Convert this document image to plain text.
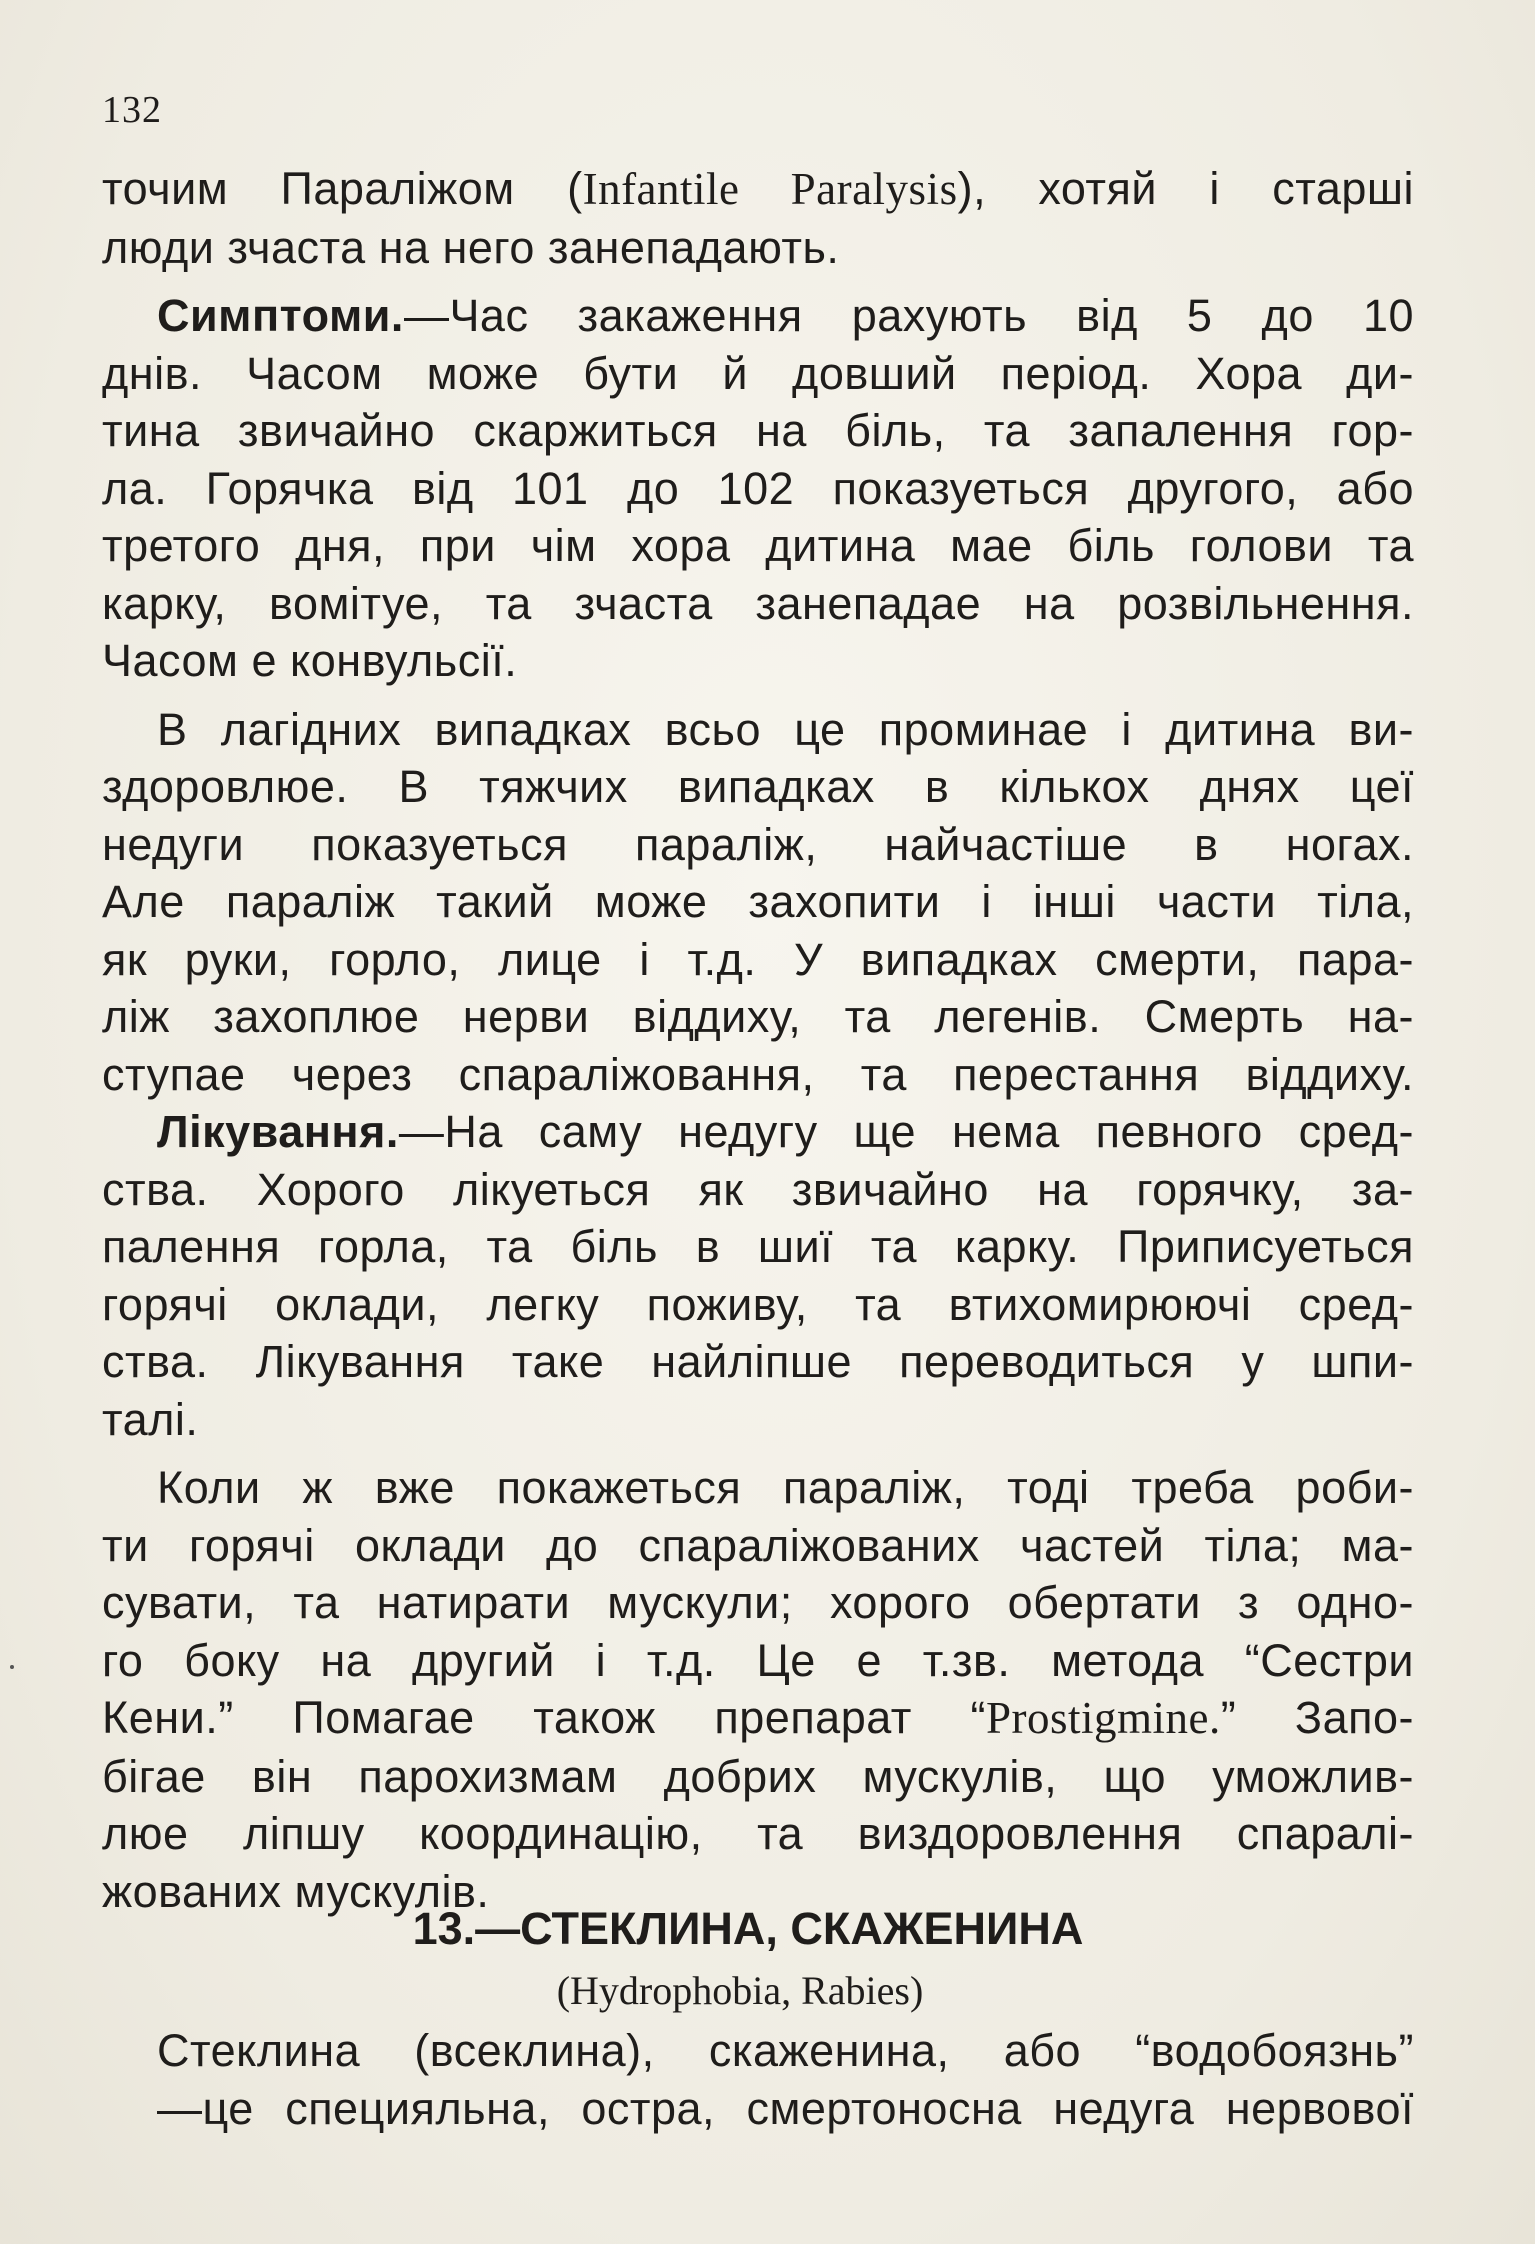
132
точим Паралiжом (Infantile Paralysis), хотяй i старшi
люди зчаста на него занепадають.
Симптоми.—Час закаження рахують вiд 5 до 10
днiв. Часом може бути й довший перiод. Хора ди-
тина звичайно скаржиться на бiль, та запалення гор-
ла. Горячка вiд 101 до 102 показуеться другого, або
третого дня, при чiм хора дитина мае бiль голови та
карку, вомiтуе, та зчаста занепадае на розвiльнення.
Часом е конвульсiї.
В лагiдних випадках всьо це проминае i дитина ви-
здоровлюе. В тяжчих випадках в кiлькох днях цеї
недуги показуеться паралiж, найчастiше в ногах.
Але паралiж такий може захопити i iншi части тiла,
як руки, горло, лице i т.д. У випадках смерти, пара-
лiж захоплюе нерви вiддиху, та легенiв. Смерть на-
ступае через спаралiжовання, та перестання вiддиху.
Лiкування.—На саму недугу ще нема певного сред-
ства. Хорого лiкуеться як звичайно на горячку, за-
палення горла, та бiль в шиї та карку. Приписуеться
горячi оклади, легку поживу, та втихомирюючi сред-
ства. Лiкування таке найлiпше переводиться у шпи-
талi.
Коли ж вже покажеться паралiж, тодi треба роби-
ти горячi оклади до спаралiжованих частей тiла; ма-
сувати, та натирати мускули; хорого обертати з одно-
го боку на другий i т.д. Це е т.зв. метода “Сестри
Кени.” Помагае також препарат “Prostigmine.” Запо-
бiгае вiн парохизмам добрих мускулiв, що уможлив-
люе лiпшу координацiю, та виздоровлення спаралi-
жованих мускулiв.
13.—СТЕКЛИНА, СКАЖЕНИНА
(Hydrophobia, Rabies)
Стеклина (всеклина), скаженина, або “водобоязнь”
—це специяльна, остра, смертоносна недуга нервової
